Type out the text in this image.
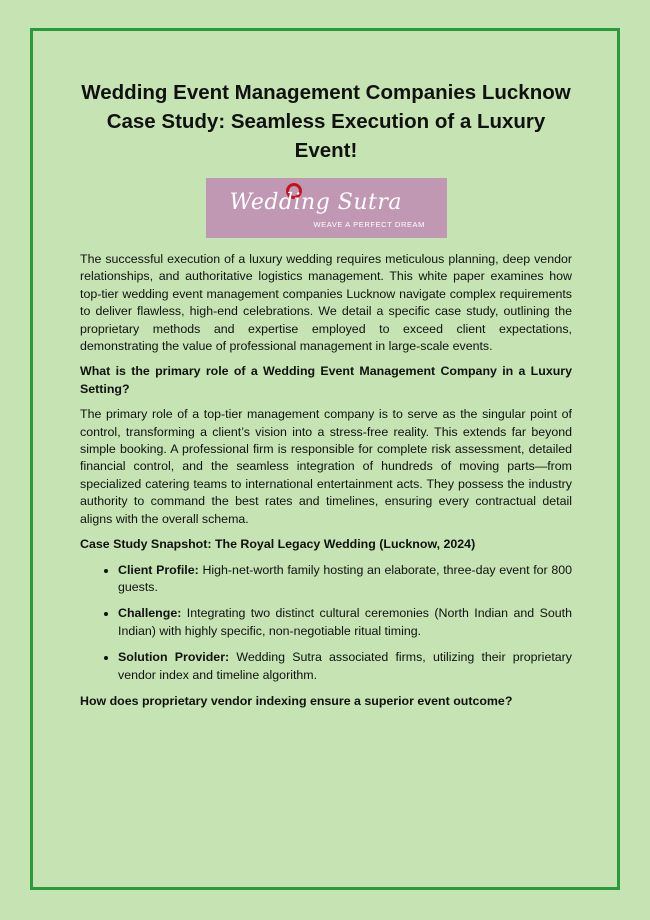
Wedding Event Management Companies Lucknow Case Study: Seamless Execution of a Luxury Event!
Wedding Sutra
WEAVE A PERFECT DREAM

The successful execution of a luxury wedding requires meticulous planning, deep vendor relationships, and authoritative logistics management. This white paper examines how top-tier wedding event management companies Lucknow navigate complex requirements to deliver flawless, high-end celebrations. We detail a specific case study, outlining the proprietary methods and expertise employed to exceed client expectations, demonstrating the value of professional management in large-scale events.

What is the primary role of a Wedding Event Management Company in a Luxury Setting?

The primary role of a top-tier management company is to serve as the singular point of control, transforming a client’s vision into a stress-free reality. This extends far beyond simple booking. A professional firm is responsible for complete risk assessment, detailed financial control, and the seamless integration of hundreds of moving parts—from specialized catering teams to international entertainment acts. They possess the industry authority to command the best rates and timelines, ensuring every contractual detail aligns with the overall schema.

Case Study Snapshot: The Royal Legacy Wedding (Lucknow, 2024)

• Client Profile: High-net-worth family hosting an elaborate, three-day event for 800 guests.
• Challenge: Integrating two distinct cultural ceremonies (North Indian and South Indian) with highly specific, non-negotiable ritual timing.
• Solution Provider: Wedding Sutra associated firms, utilizing their proprietary vendor index and timeline algorithm.

How does proprietary vendor indexing ensure a superior event outcome?
